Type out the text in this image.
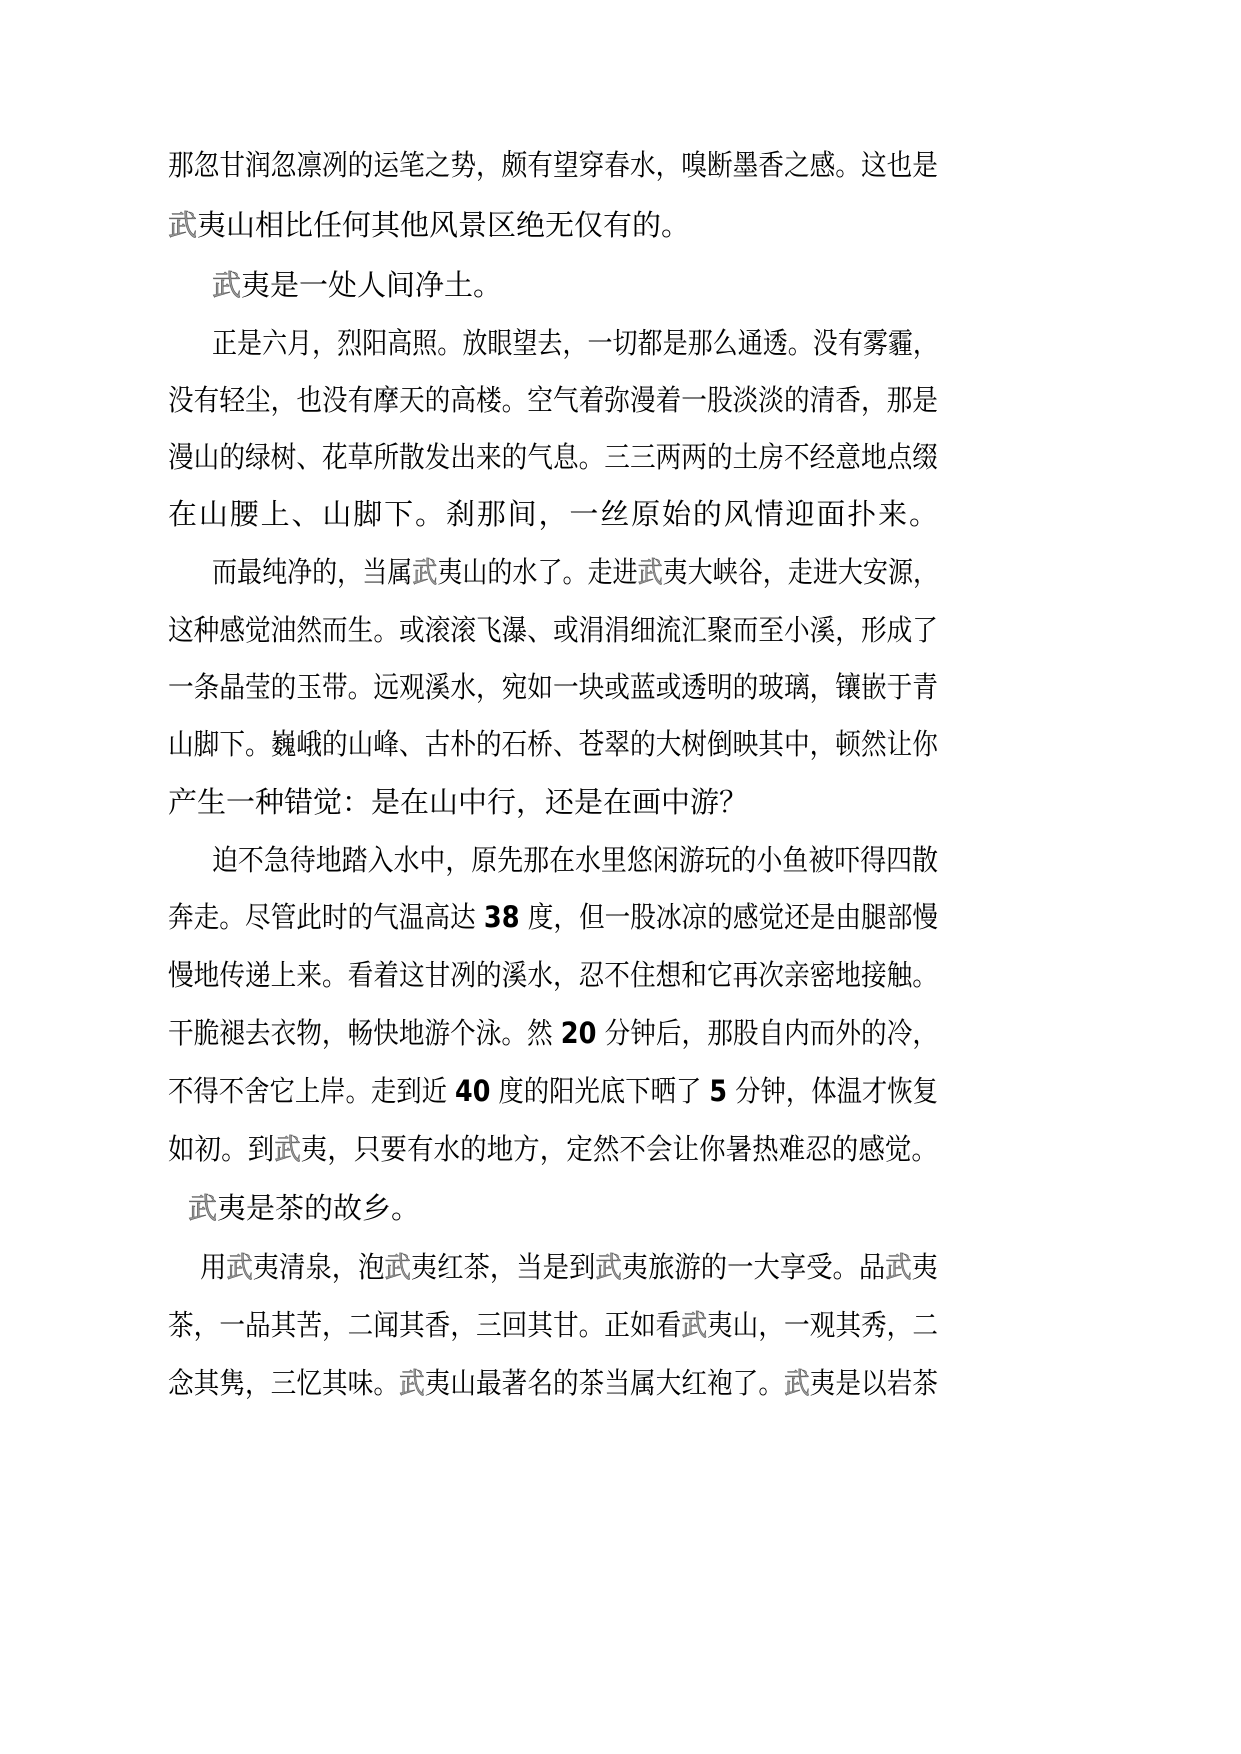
那忽甘润忽凛冽的运笔之势，颇有望穿春水，嗅断墨香之感。这也是
武夷山相比任何其他风景区绝无仅有的。
武夷是一处人间净土。
正是六月，烈阳高照。放眼望去，一切都是那么通透。没有雾霾，
没有轻尘，也没有摩天的高楼。空气着弥漫着一股淡淡的清香，那是
漫山的绿树、花草所散发出来的气息。三三两两的土房不经意地点缀
在山腰上、山脚下。刹那间，一丝原始的风情迎面扑来。
而最纯净的，当属武夷山的水了。走进武夷大峡谷，走进大安源，
这种感觉油然而生。或滚滚飞瀑、或涓涓细流汇聚而至小溪，形成了
一条晶莹的玉带。远观溪水，宛如一块或蓝或透明的玻璃，镶嵌于青
山脚下。巍峨的山峰、古朴的石桥、苍翠的大树倒映其中，顿然让你
产生一种错觉：是在山中行，还是在画中游？
迫不急待地踏入水中，原先那在水里悠闲游玩的小鱼被吓得四散
奔走。尽管此时的气温高达 38 度，但一股冰凉的感觉还是由腿部慢
慢地传递上来。看着这甘冽的溪水，忍不住想和它再次亲密地接触。
干脆褪去衣物，畅快地游个泳。然 20 分钟后，那股自内而外的冷，
不得不舍它上岸。走到近 40 度的阳光底下晒了 5 分钟，体温才恢复
如初。到武夷，只要有水的地方，定然不会让你暑热难忍的感觉。
武夷是茶的故乡。
用武夷清泉，泡武夷红茶，当是到武夷旅游的一大享受。品武夷
茶，一品其苦，二闻其香，三回其甘。正如看武夷山，一观其秀，二
念其隽，三忆其味。武夷山最著名的茶当属大红袍了。武夷是以岩茶
